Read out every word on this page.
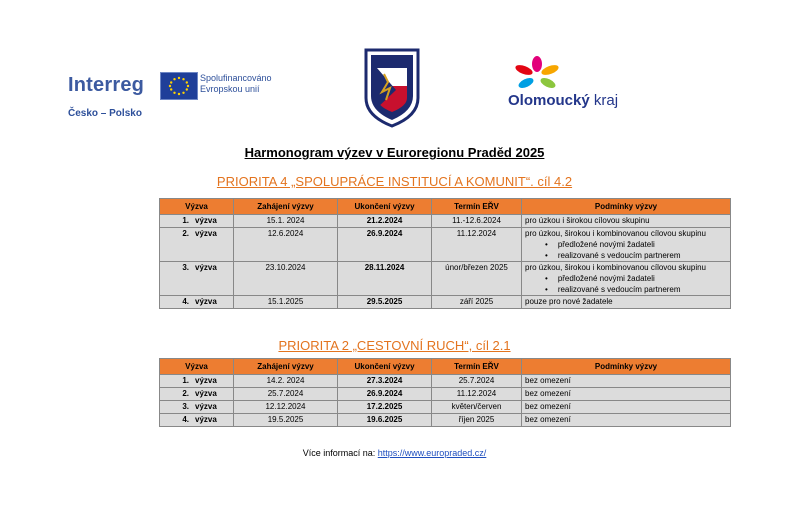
Interreg	Spolufinancováno
Evropskou unií
Česko – Polsko
Olomoucký kraj
Harmonogram výzev v Euroregionu Praděd 2025
PRIORITA 4 „SPOLUPRÁCE INSTITUCÍ A KOMUNIT“. cíl 4.2
Výzva	Zahájení výzvy	Ukončení výzvy	Termín EŘV	Podmínky výzvy
1. výzva	15.1. 2024	21.2.2024	11.-12.6.2024	pro úzkou i širokou cílovou skupinu

2. výzva	12.6.2024	26.9.2024	11.12.2024	pro úzkou, širokou i kombinovanou cílovou skupinu
• předložené novými žadateli
• realizované s vedoucím partnerem

3. výzva	23.10.2024	28.11.2024	únor/březen 2025	pro úzkou, širokou i kombinovanou cílovou skupinu
• předložené novými žadateli
• realizované s vedoucím partnerem

4. výzva	15.1.2025	29.5.2025	září 2025	pouze pro nové žadatele
PRIORITA 2 „CESTOVNÍ RUCH“, cíl 2.1
Výzva	Zahájení výzvy	Ukončení výzvy	Termín EŘV	Podmínky výzvy
1. výzva	14.2. 2024	27.3.2024	25.7.2024	bez omezení
2. výzva	25.7.2024	26.9.2024	11.12.2024	bez omezení
3. výzva	12.12.2024	17.2.2025	květen/červen	bez omezení
4. výzva	19.5.2025	19.6.2025	říjen 2025	bez omezení
Více informací na: https://www.europraded.cz/
